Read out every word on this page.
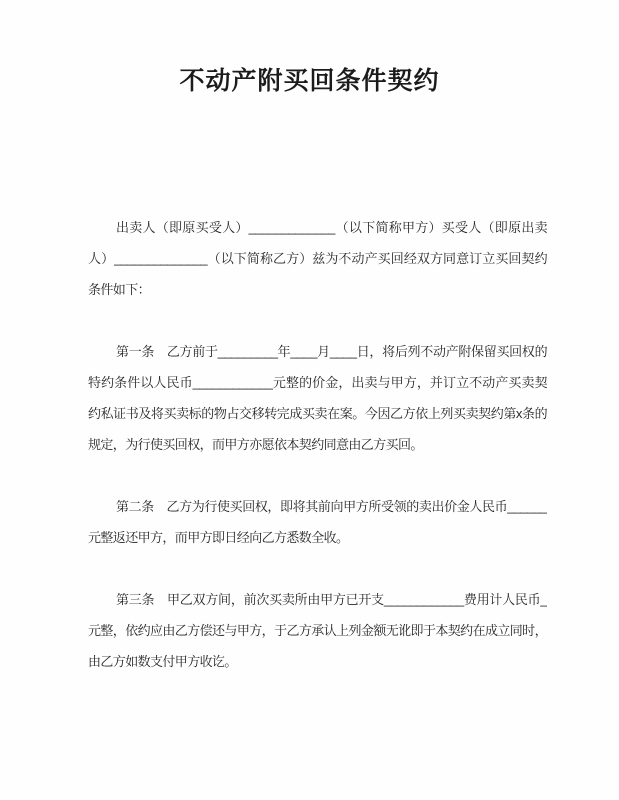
不动产附买回条件契约
出卖人（即原买受人）_____________（以下简称甲方）买受人（即原出卖
人）______________（以下简称乙方）兹为不动产买回经双方同意订立买回契约
条件如下：
第一条　乙方前于_________年____月____日，将后列不动产附保留买回权的
特约条件以人民币____________元整的价金，出卖与甲方，并订立不动产买卖契
约私证书及将买卖标的物占交移转完成买卖在案。今因乙方依上列买卖契约第x条的
规定，为行使买回权，而甲方亦愿依本契约同意由乙方买回。
第二条　乙方为行使买回权，即将其前向甲方所受领的卖出价金人民币______
元整返还甲方，而甲方即日经向乙方悉数全收。
第三条　甲乙双方间，前次买卖所由甲方已开支____________费用计人民币_
元整，依约应由乙方偿还与甲方，于乙方承认上列金额无讹即于本契约在成立同时，
由乙方如数支付甲方收讫。
